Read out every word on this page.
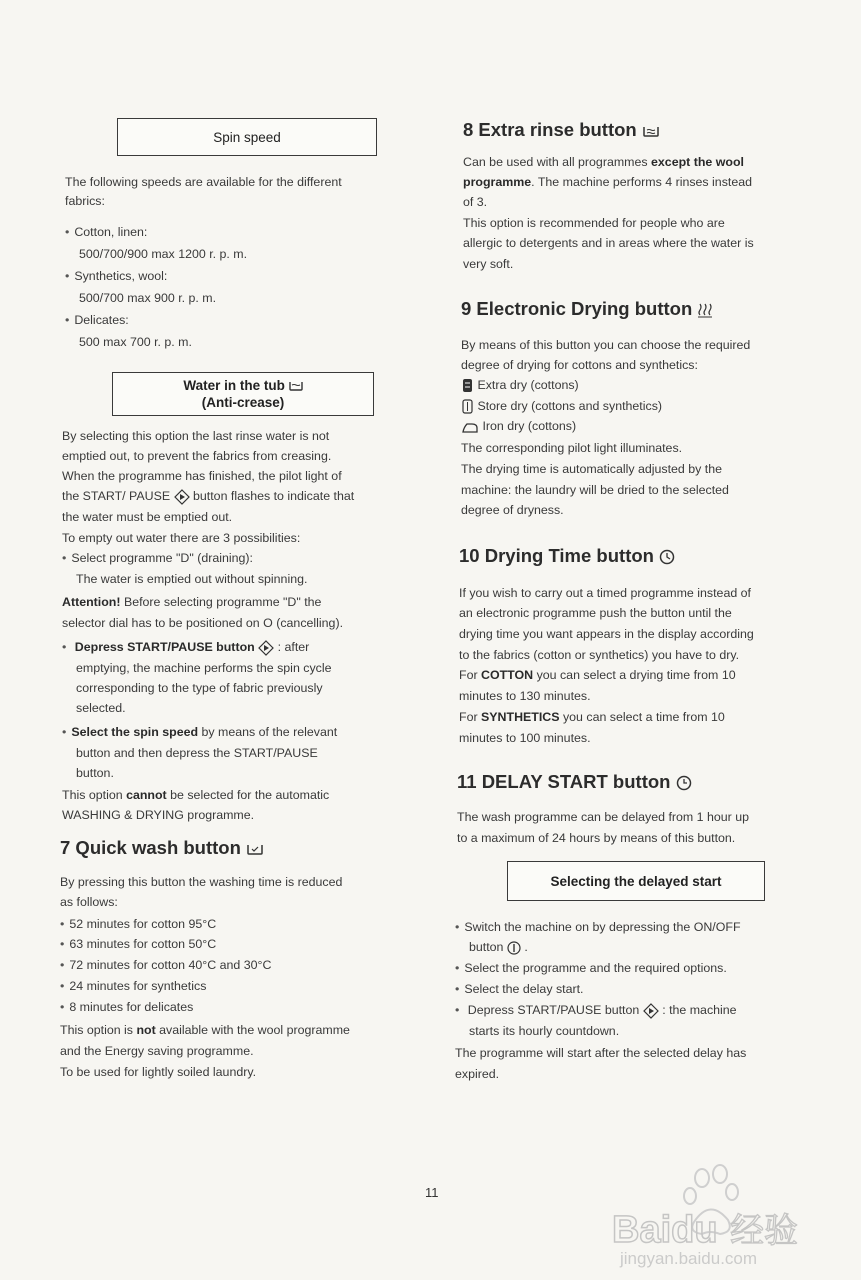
Spin speed
The following speeds are available for the different
fabrics:
• Cotton, linen:
500/700/900 max 1200 r. p. m.
• Synthetics, wool:
500/700 max 900 r. p. m.
• Delicates:
500 max 700 r. p. m.
Water in the tub
(Anti-crease)
By selecting this option the last rinse water is not
emptied out, to prevent the fabrics from creasing.
When the programme has finished, the pilot light of
the START/ PAUSE button flashes to indicate that
the water must be emptied out.
To empty out water there are 3 possibilities:
• Select programme "D" (draining):
The water is emptied out without spinning.
Attention! Before selecting programme "D" the
selector dial has to be positioned on O (cancelling).
• Depress START/PAUSE button : after
emptying, the machine performs the spin cycle
corresponding to the type of fabric previously
selected.
• Select the spin speed by means of the relevant
button and then depress the START/PAUSE
button.
This option cannot be selected for the automatic
WASHING & DRYING programme.
7 Quick wash button
By pressing this button the washing time is reduced
as follows:
• 52 minutes for cotton 95°C
• 63 minutes for cotton 50°C
• 72 minutes for cotton 40°C and 30°C
• 24 minutes for synthetics
• 8 minutes for delicates
This option is not available with the wool programme
and the Energy saving programme.
To be used for lightly soiled laundry.
8 Extra rinse button
Can be used with all programmes except the wool
programme. The machine performs 4 rinses instead
of 3.
This option is recommended for people who are
allergic to detergents and in areas where the water is
very soft.
9 Electronic Drying button
By means of this button you can choose the required
degree of drying for cottons and synthetics:
Extra dry (cottons)
Store dry (cottons and synthetics)
Iron dry (cottons)
The corresponding pilot light illuminates.
The drying time is automatically adjusted by the
machine: the laundry will be dried to the selected
degree of dryness.
10 Drying Time button
If you wish to carry out a timed programme instead of
an electronic programme push the button until the
drying time you want appears in the display according
to the fabrics (cotton or synthetics) you have to dry.
For COTTON you can select a drying time from 10
minutes to 130 minutes.
For SYNTHETICS you can select a time from 10
minutes to 100 minutes.
11 DELAY START button
The wash programme can be delayed from 1 hour up
to a maximum of 24 hours by means of this button.
Selecting the delayed start
• Switch the machine on by depressing the ON/OFF
button .
• Select the programme and the required options.
• Select the delay start.
• Depress START/PAUSE button : the machine
starts its hourly countdown.
The programme will start after the selected delay has
expired.
11
Baidu 经验
jingyan.baidu.com
